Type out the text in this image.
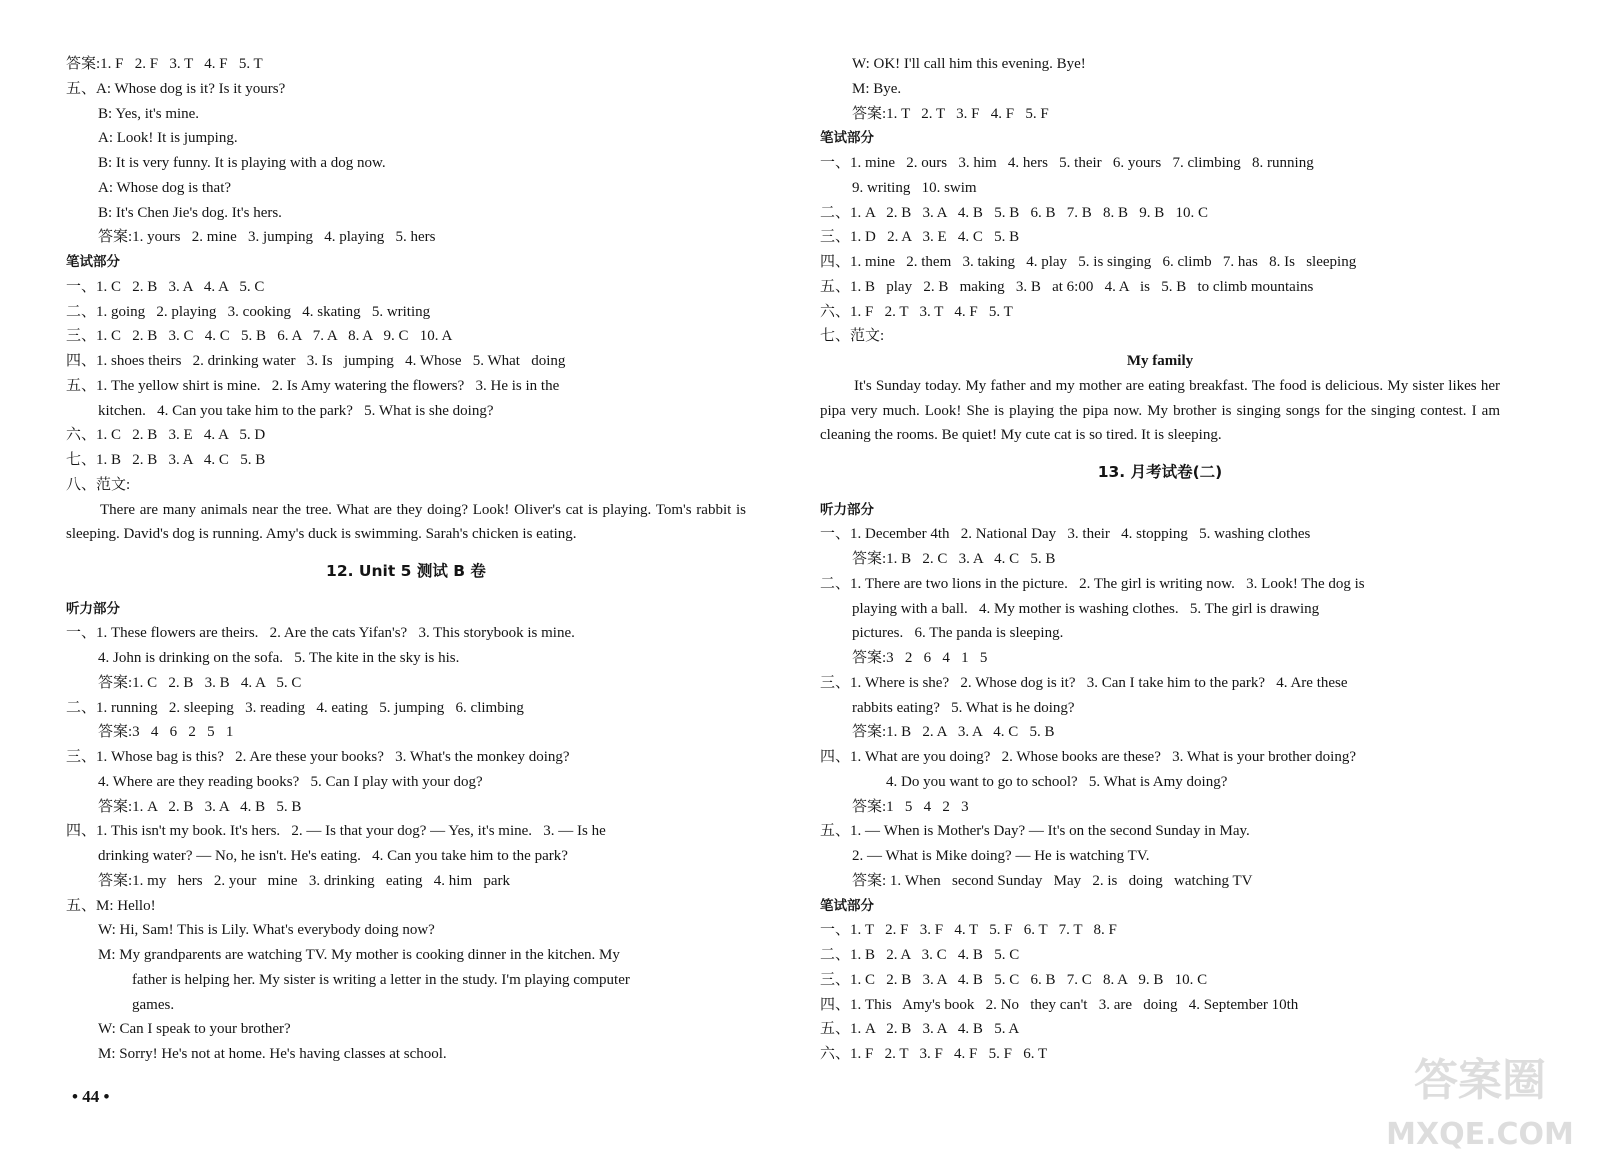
答案:1. F   2. F   3. T   4. F   5. T
五、A: Whose dog is it? Is it yours?
B: Yes, it's mine.
A: Look! It is jumping.
B: It is very funny. It is playing with a dog now.
A: Whose dog is that?
B: It's Chen Jie's dog. It's hers.
答案:1. yours   2. mine   3. jumping   4. playing   5. hers
笔试部分
一、1. C   2. B   3. A   4. A   5. C
二、1. going   2. playing   3. cooking   4. skating   5. writing
三、1. C   2. B   3. C   4. C   5. B   6. A   7. A   8. A   9. C   10. A
四、1. shoes theirs   2. drinking water   3. Is   jumping   4. Whose   5. What   doing
五、1. The yellow shirt is mine.   2. Is Amy watering the flowers?   3. He is in the
kitchen.   4. Can you take him to the park?   5. What is she doing?
六、1. C   2. B   3. E   4. A   5. D
七、1. B   2. B   3. A   4. C   5. B
八、范文:
There are many animals near the tree. What are they doing? Look! Oliver's cat is playing. Tom's rabbit is sleeping. David's dog is running. Amy's duck is swimming. Sarah's chicken is eating.
12. Unit 5 测试 B 卷
听力部分
一、1. These flowers are theirs.   2. Are the cats Yifan's?   3. This storybook is mine.
4. John is drinking on the sofa.   5. The kite in the sky is his.
答案:1. C   2. B   3. B   4. A   5. C
二、1. running   2. sleeping   3. reading   4. eating   5. jumping   6. climbing
答案:3   4   6   2   5   1
三、1. Whose bag is this?   2. Are these your books?   3. What's the monkey doing?
4. Where are they reading books?   5. Can I play with your dog?
答案:1. A   2. B   3. A   4. B   5. B
四、1. This isn't my book. It's hers.   2. — Is that your dog? — Yes, it's mine.   3. — Is he
drinking water? — No, he isn't. He's eating.   4. Can you take him to the park?
答案:1. my   hers   2. your   mine   3. drinking   eating   4. him   park
五、M: Hello!
W: Hi, Sam! This is Lily. What's everybody doing now?
M: My grandparents are watching TV. My mother is cooking dinner in the kitchen. My
father is helping her. My sister is writing a letter in the study. I'm playing computer
games.
W: Can I speak to your brother?
M: Sorry! He's not at home. He's having classes at school.
W: OK! I'll call him this evening. Bye!
M: Bye.
答案:1. T   2. T   3. F   4. F   5. F
笔试部分
一、1. mine   2. ours   3. him   4. hers   5. their   6. yours   7. climbing   8. running
9. writing   10. swim
二、1. A   2. B   3. A   4. B   5. B   6. B   7. B   8. B   9. B   10. C
三、1. D   2. A   3. E   4. C   5. B
四、1. mine   2. them   3. taking   4. play   5. is singing   6. climb   7. has   8. Is   sleeping
五、1. B   play   2. B   making   3. B   at 6:00   4. A   is   5. B   to climb mountains
六、1. F   2. T   3. T   4. F   5. T
七、范文:
My family
It's Sunday today. My father and my mother are eating breakfast. The food is delicious. My sister likes her pipa very much. Look! She is playing the pipa now. My brother is singing songs for the singing contest. I am cleaning the rooms. Be quiet! My cute cat is so tired. It is sleeping.
13. 月考试卷(二)
听力部分
一、1. December 4th   2. National Day   3. their   4. stopping   5. washing clothes
答案:1. B   2. C   3. A   4. C   5. B
二、1. There are two lions in the picture.   2. The girl is writing now.   3. Look! The dog is
playing with a ball.   4. My mother is washing clothes.   5. The girl is drawing
pictures.   6. The panda is sleeping.
答案:3   2   6   4   1   5
三、1. Where is she?   2. Whose dog is it?   3. Can I take him to the park?   4. Are these
rabbits eating?   5. What is he doing?
答案:1. B   2. A   3. A   4. C   5. B
四、1. What are you doing?   2. Whose books are these?   3. What is your brother doing?
4. Do you want to go to school?   5. What is Amy doing?
答案:1   5   4   2   3
五、1. — When is Mother's Day? — It's on the second Sunday in May.
2. — What is Mike doing? — He is watching TV.
答案: 1. When   second Sunday   May   2. is   doing   watching TV
笔试部分
一、1. T   2. F   3. F   4. T   5. F   6. T   7. T   8. F
二、1. B   2. A   3. C   4. B   5. C
三、1. C   2. B   3. A   4. B   5. C   6. B   7. C   8. A   9. B   10. C
四、1. This   Amy's book   2. No   they can't   3. are   doing   4. September 10th
五、1. A   2. B   3. A   4. B   5. A
六、1. F   2. T   3. F   4. F   5. F   6. T
• 44 •	答案圈
MXQE.COM
